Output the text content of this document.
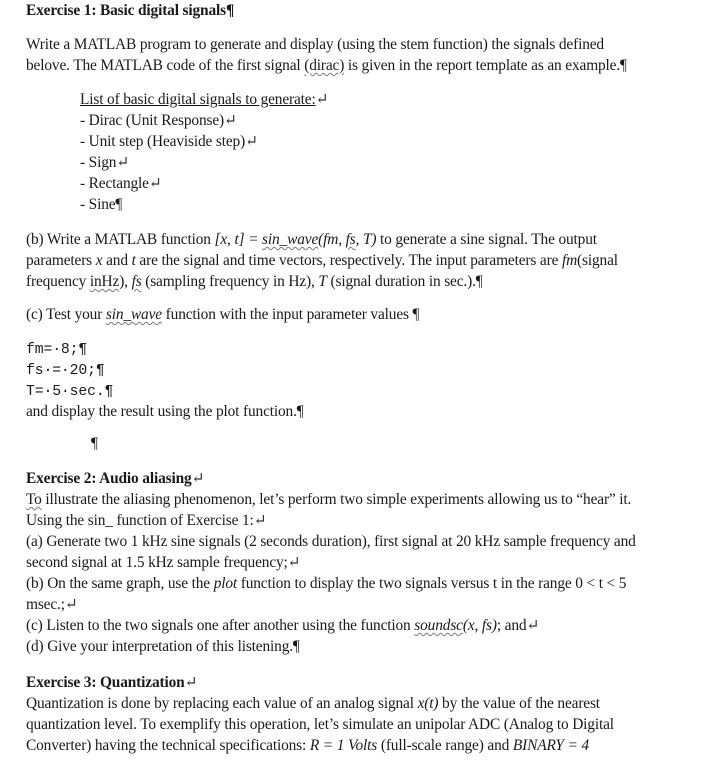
Exercise 1: Basic digital signals¶
Write a MATLAB program to generate and display (using the stem function) the signals defined
belove. The MATLAB code of the first signal (dirac) is given in the report template as an example.¶
List of basic digital signals to generate:↵
- Dirac (Unit Response)↵
- Unit step (Heaviside step)↵
- Sign↵
- Rectangle↵
- Sine¶
(b) Write a MATLAB function [x, t] = sin_wave(fm, fs, T) to generate a sine signal. The output
parameters x and t are the signal and time vectors, respectively. The input parameters are fm(signal
frequency inHz), fs (sampling frequency in Hz), T (signal duration in sec.).¶
(c) Test your sin_wave function with the input parameter values ¶
fm=·8;¶
fs·=·20;¶
T=·5·sec.¶
and display the result using the plot function.¶
¶
Exercise 2: Audio aliasing↵
To illustrate the aliasing phenomenon, let’s perform two simple experiments allowing us to “hear” it.
Using the sin_ function of Exercise 1:↵
(a) Generate two 1 kHz sine signals (2 seconds duration), first signal at 20 kHz sample frequency and
second signal at 1.5 kHz sample frequency;↵
(b) On the same graph, use the plot function to display the two signals versus t in the range 0 < t < 5
msec.;↵
(c) Listen to the two signals one after another using the function soundsc(x, fs); and↵
(d) Give your interpretation of this listening.¶
Exercise 3: Quantization↵
Quantization is done by replacing each value of an analog signal x(t) by the value of the nearest
quantization level. To exemplify this operation, let’s simulate an unipolar ADC (Analog to Digital
Converter) having the technical specifications: R = 1 Volts (full-scale range) and BINARY = 4
